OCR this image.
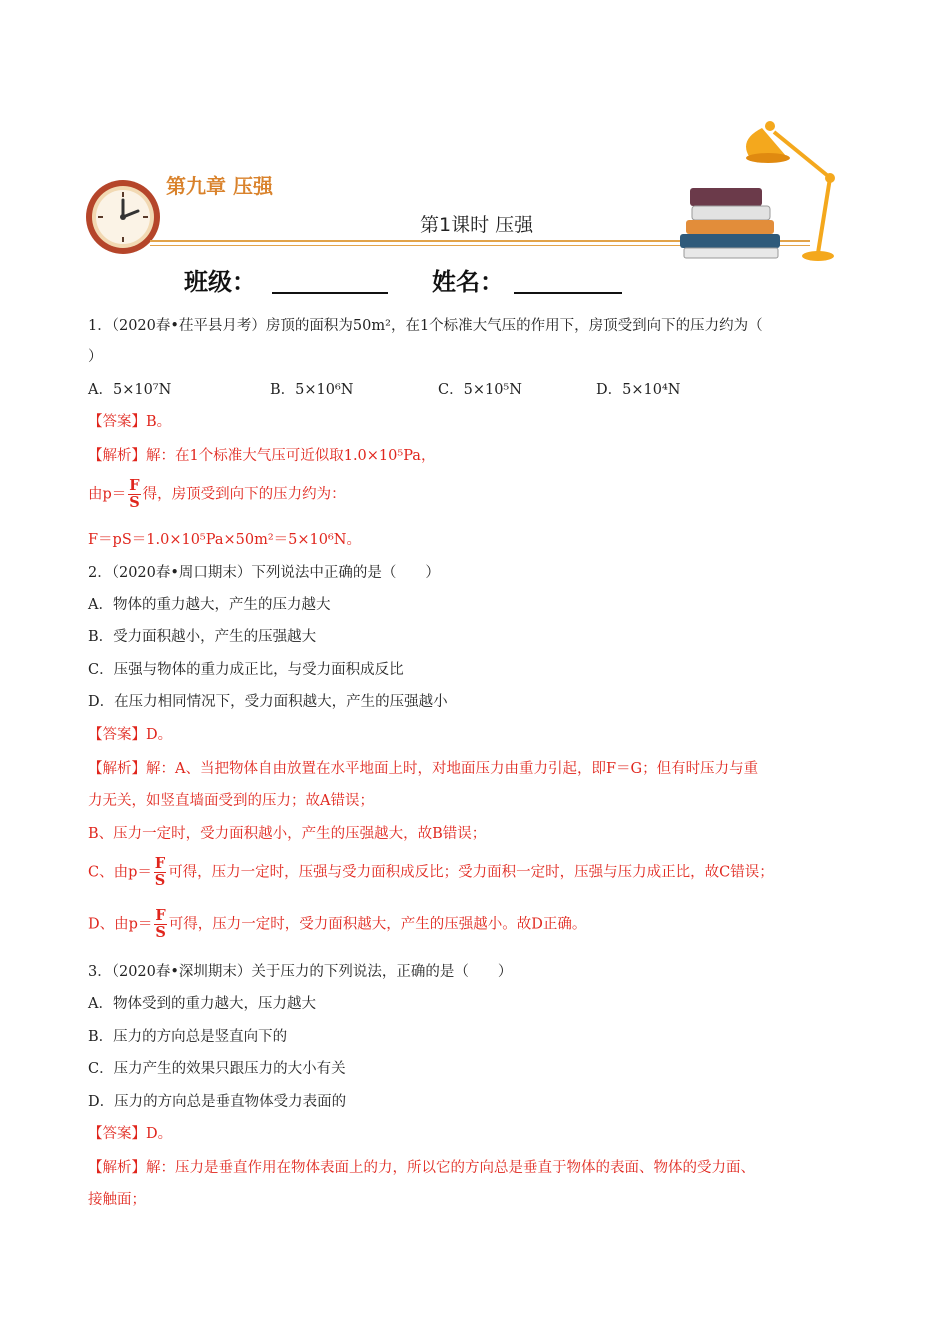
第九章 压强
第1课时 压强
班级：	姓名：
1．（2020春•茌平县月考）房顶的面积为50m²，在1个标准大气压的作用下，房顶受到向下的压力约为（
）
A．5×10⁷N	B．5×10⁶N	C．5×10⁵N	D．5×10⁴N
【答案】B。
【解析】解：在1个标准大气压可近似取1.0×10⁵Pa，
由$p= \frac{F}{S}$ 得，房顶受到向下的压力约为：
F＝pS＝1.0×10⁵Pa×50m²＝5×10⁶N。
2．（2020春•周口期末）下列说法中正确的是（　　）
A．物体的重力越大，产生的压力越大
B．受力面积越小，产生的压强越大
C．压强与物体的重力成正比，与受力面积成反比
D．在压力相同情况下，受力面积越大，产生的压强越小
【答案】D。
【解析】解：A、当把物体自由放置在水平地面上时，对地面压力由重力引起，即F＝G；但有时压力与重
力无关，如竖直墙面受到的压力；故A错误；
B、压力一定时，受力面积越小，产生的压强越大，故B错误；
C、由$p= \frac{F}{S}$ 可得，压力一定时，压强与受力面积成反比；受力面积一定时，压强与压力成正比，故C错误；
D、由$p= \frac{F}{S}$ 可得，压力一定时，受力面积越大，产生的压强越小。故D正确。
3．（2020春•深圳期末）关于压力的下列说法，正确的是（　　）
A．物体受到的重力越大，压力越大
B．压力的方向总是竖直向下的
C．压力产生的效果只跟压力的大小有关
D．压力的方向总是垂直物体受力表面的
【答案】D。
【解析】解：压力是垂直作用在物体表面上的力，所以它的方向总是垂直于物体的表面、物体的受力面、
接触面；
